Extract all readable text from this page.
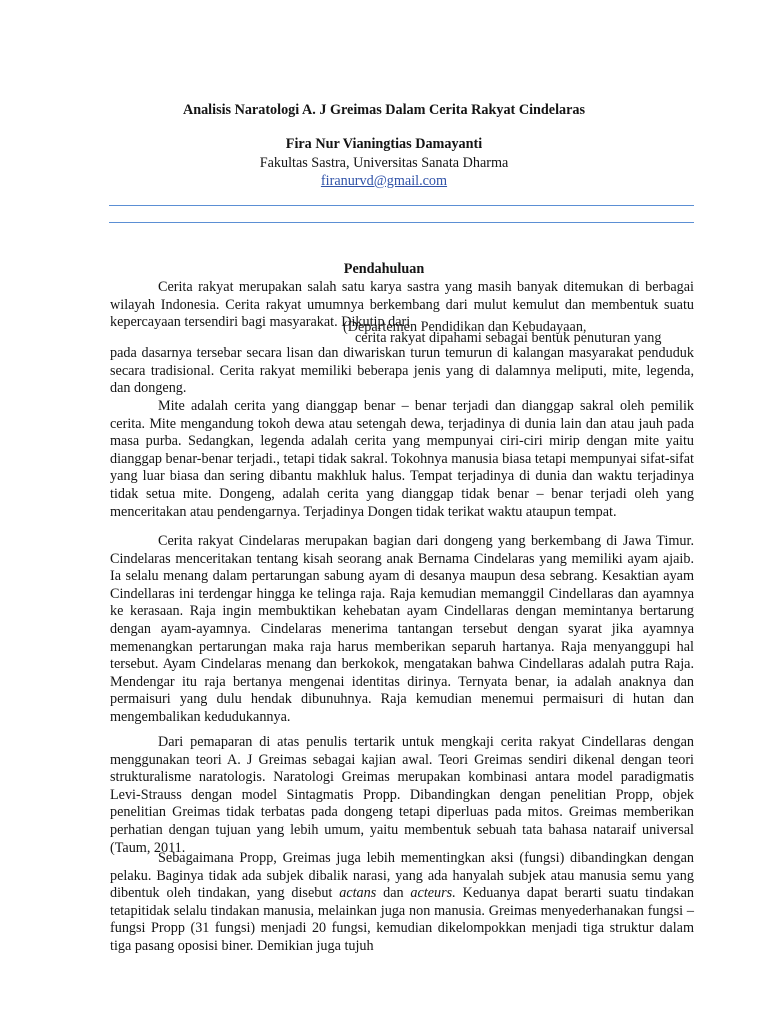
Analisis Naratologi A. J Greimas Dalam Cerita Rakyat Cindelaras
Fira Nur Vianingtias Damayanti
Fakultas Sastra, Universitas Sanata Dharma
firanurvd@gmail.com
Pendahuluan

Cerita rakyat merupakan salah satu karya sastra yang masih banyak ditemukan di berbagai wilayah Indonesia. Cerita rakyat umumnya berkembang dari mulut kemulut dan membentuk suatu kepercayaan tersendiri bagi masyarakat. Dikutip dari

(Departemen Pendidikan dan Kebudayaan,
cerita rakyat dipahami sebagai bentuk penuturan yang

pada dasarnya tersebar secara lisan dan diwariskan turun temurun di kalangan masyarakat penduduk secara tradisional. Cerita rakyat memiliki beberapa jenis yang di dalamnya meliputi, mite, legenda, dan dongeng.

Mite adalah cerita yang dianggap benar – benar terjadi dan dianggap sakral oleh pemilik cerita. Mite mengandung tokoh dewa atau setengah dewa, terjadinya di dunia lain dan atau jauh pada masa purba. Sedangkan, legenda adalah cerita yang mempunyai ciri-ciri mirip dengan mite yaitu dianggap benar-benar terjadi., tetapi tidak sakral. Tokohnya manusia biasa tetapi mempunyai sifat-sifat yang luar biasa dan sering dibantu makhluk halus. Tempat terjadinya di dunia dan waktu terjadinya tidak setua mite. Dongeng, adalah cerita yang dianggap tidak benar – benar terjadi oleh yang menceritakan atau pendengarnya. Terjadinya Dongen tidak terikat waktu ataupun tempat.

Cerita rakyat Cindelaras merupakan bagian dari dongeng yang berkembang di Jawa Timur. Cindelaras menceritakan tentang kisah seorang anak Bernama Cindelaras yang memiliki ayam ajaib. Ia selalu menang dalam pertarungan sabung ayam di desanya maupun desa sebrang. Kesaktian ayam Cindellaras ini terdengar hingga ke telinga raja. Raja kemudian memanggil Cindellaras dan ayamnya ke kerasaan. Raja ingin membuktikan kehebatan ayam Cindellaras dengan memintanya bertarung dengan ayam-ayamnya. Cindelaras menerima tantangan tersebut dengan syarat jika ayamnya memenangkan pertarungan maka raja harus memberikan separuh hartanya. Raja menyanggupi hal tersebut. Ayam Cindelaras menang dan berkokok, mengatakan bahwa Cindellaras adalah putra Raja. Mendengar itu raja bertanya mengenai identitas dirinya. Ternyata benar, ia adalah anaknya dan permaisuri yang dulu hendak dibunuhnya. Raja kemudian menemui permaisuri di hutan dan mengembalikan kedudukannya.

Dari pemaparan di atas penulis tertarik untuk mengkaji cerita rakyat Cindellaras dengan menggunakan teori A. J Greimas sebagai kajian awal. Teori Greimas sendiri dikenal dengan teori strukturalisme naratologis. Naratologi Greimas merupakan kombinasi antara model paradigmatis Levi-Strauss dengan model Sintagmatis Propp. Dibandingkan dengan penelitian Propp, objek penelitian Greimas tidak terbatas pada dongeng tetapi diperluas pada mitos. Greimas memberikan perhatian dengan tujuan yang lebih umum, yaitu membentuk sebuah tata bahasa nataraif universal (Taum, 2011.

Sebagaimana Propp, Greimas juga lebih mementingkan aksi (fungsi) dibandingkan dengan pelaku. Baginya tidak ada subjek dibalik narasi, yang ada hanyalah subjek atau manusia semu yang dibentuk oleh tindakan, yang disebut actans dan acteurs. Keduanya dapat berarti suatu tindakan tetapitidak selalu tindakan manusia, melainkan juga non manusia. Greimas menyederhanakan fungsi – fungsi Propp (31 fungsi) menjadi 20 fungsi, kemudian dikelompokkan menjadi tiga struktur dalam tiga pasang oposisi biner. Demikian juga tujuh
